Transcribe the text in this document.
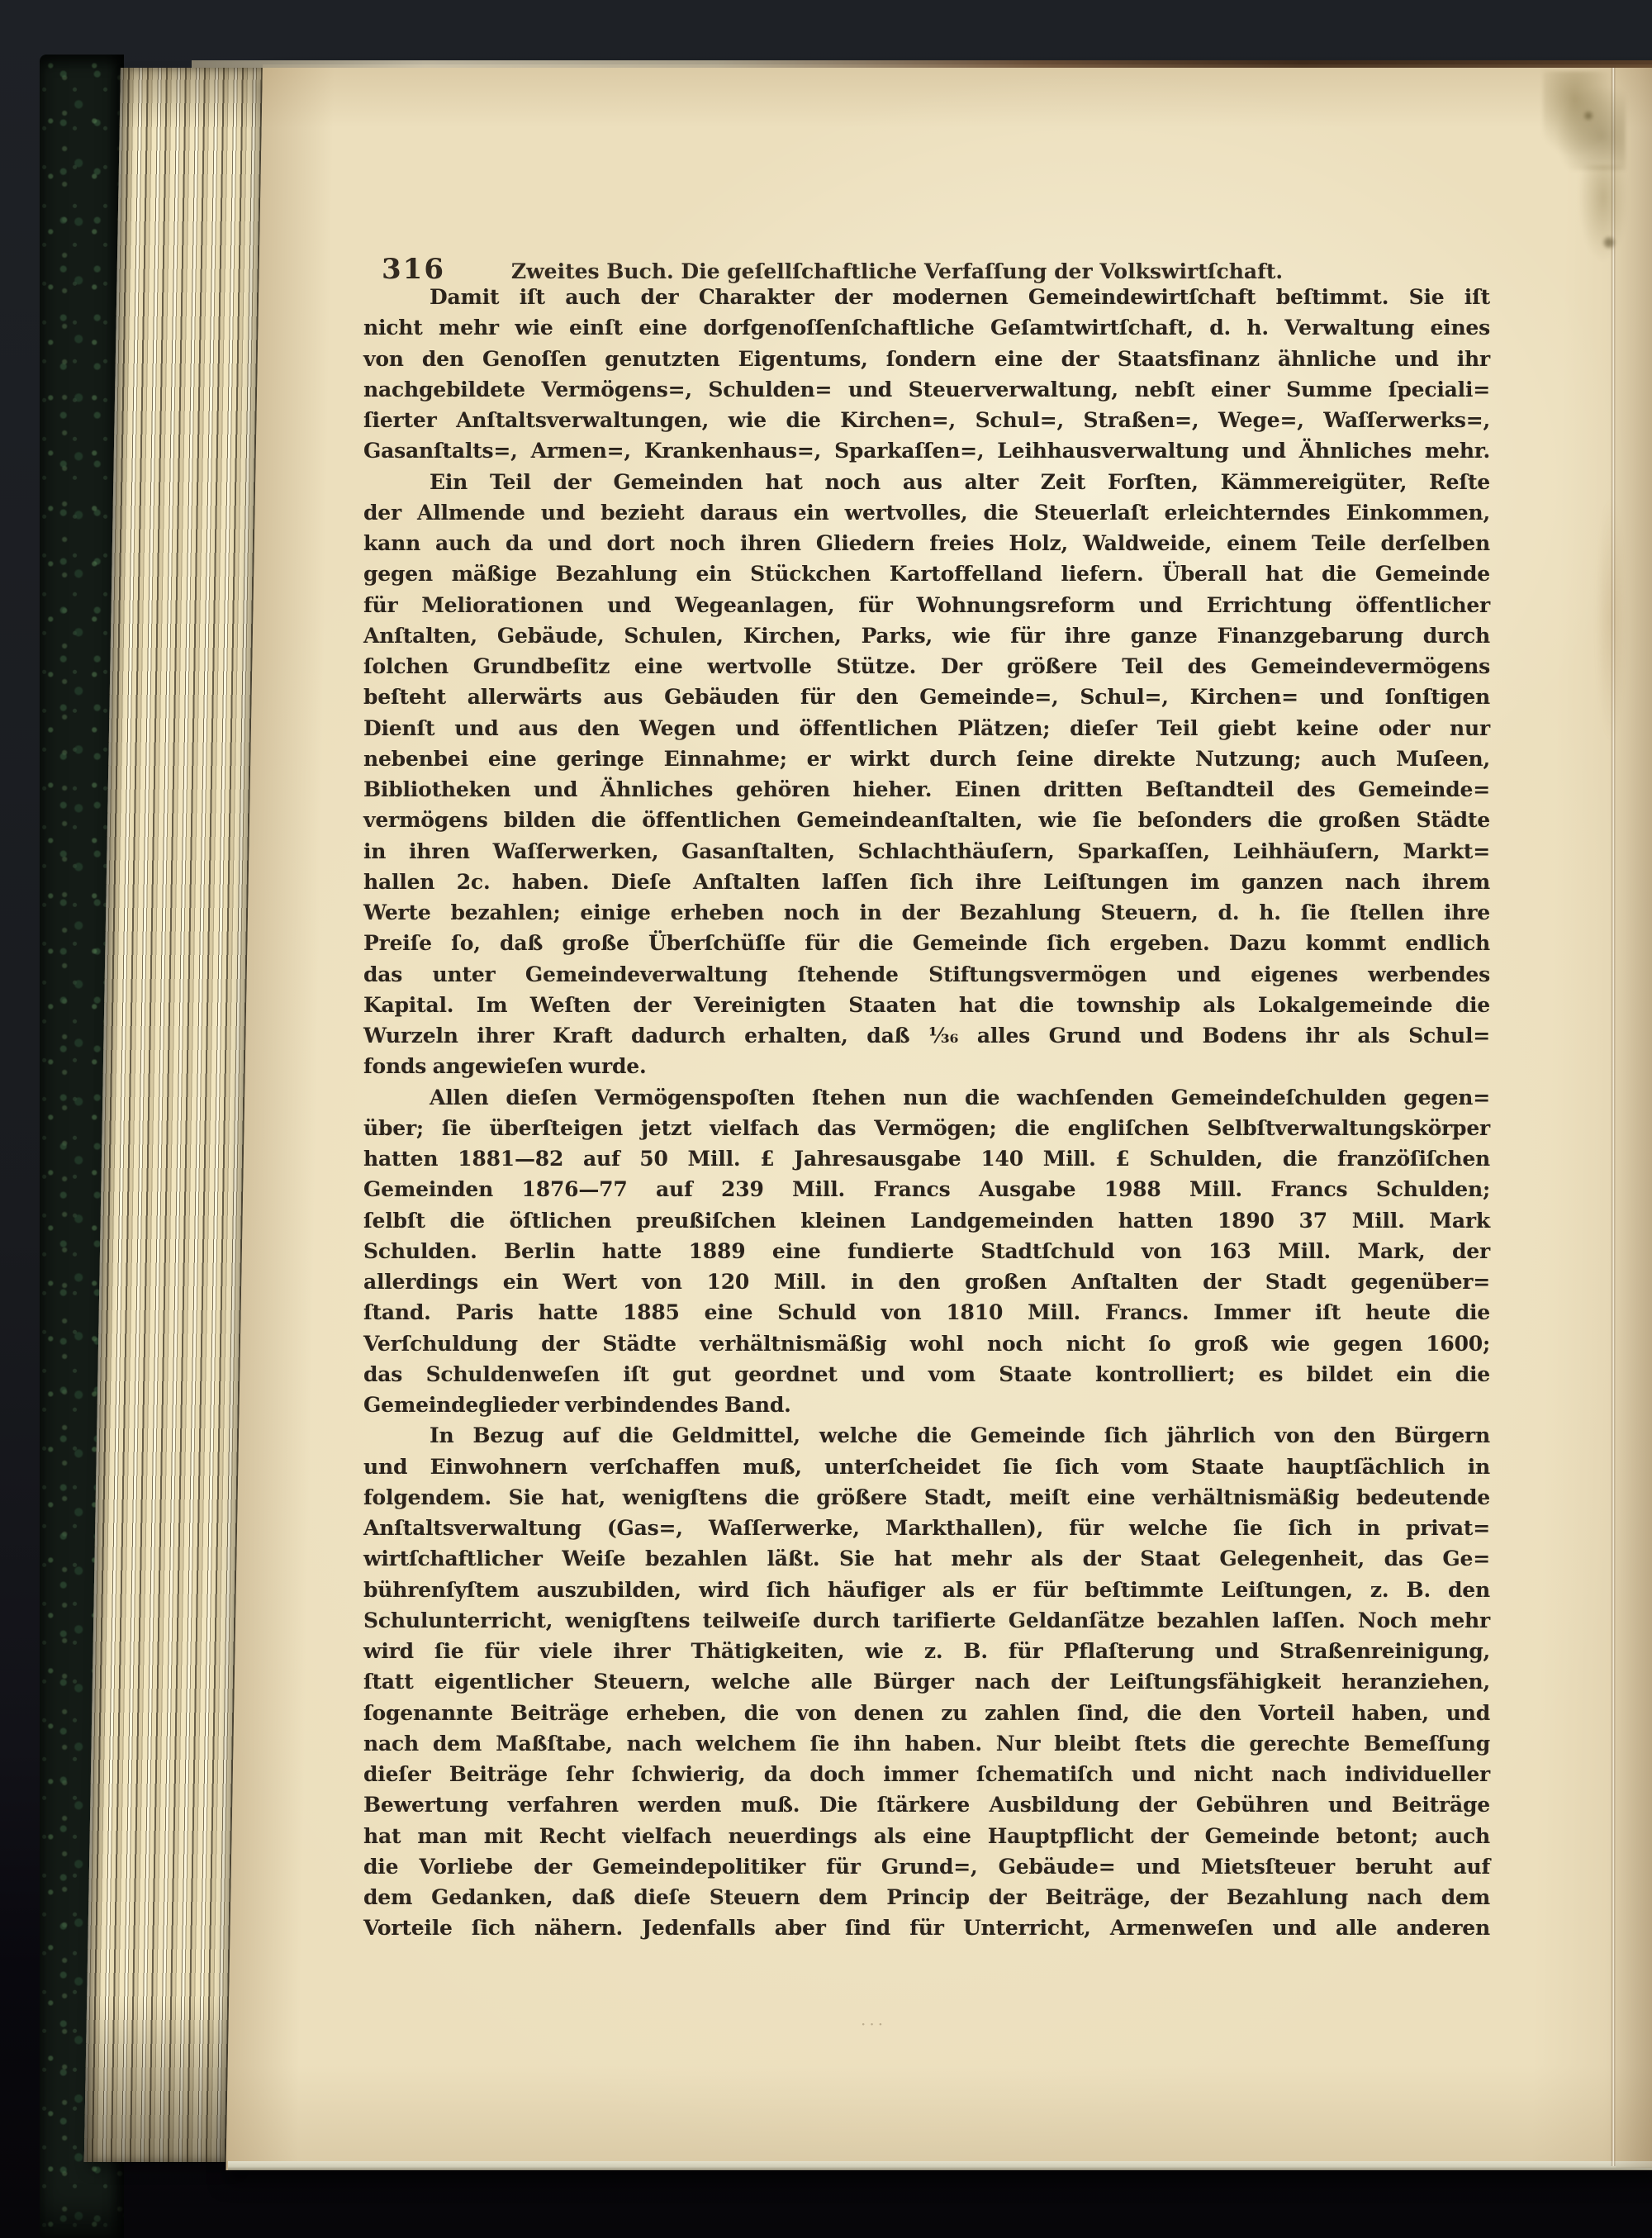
316	Zweites Buch. Die geſellſchaftliche Verfaſſung der Volkswirtſchaft.
Damit iſt auch der Charakter der modernen Gemeindewirtſchaft beſtimmt. Sie iſt
nicht mehr wie einſt eine dorfgenoſſenſchaftliche Geſamtwirtſchaft, d. h. Verwaltung eines
von den Genoſſen genutzten Eigentums, ſondern eine der Staatsfinanz ähnliche und ihr
nachgebildete Vermögens=, Schulden= und Steuerverwaltung, nebſt einer Summe ſpeciali=
ſierter Anſtaltsverwaltungen, wie die Kirchen=, Schul=, Straßen=, Wege=, Waſſerwerks=,
Gasanſtalts=, Armen=, Krankenhaus=, Sparkaſſen=, Leihhausverwaltung und Ähnliches mehr.
Ein Teil der Gemeinden hat noch aus alter Zeit Forſten, Kämmereigüter, Reſte
der Allmende und bezieht daraus ein wertvolles, die Steuerlaſt erleichterndes Einkommen,
kann auch da und dort noch ihren Gliedern freies Holz, Waldweide, einem Teile derſelben
gegen mäßige Bezahlung ein Stückchen Kartoffelland liefern. Überall hat die Gemeinde
für Meliorationen und Wegeanlagen, für Wohnungsreform und Errichtung öffentlicher
Anſtalten, Gebäude, Schulen, Kirchen, Parks, wie für ihre ganze Finanzgebarung durch
ſolchen Grundbeſitz eine wertvolle Stütze. Der größere Teil des Gemeindevermögens
beſteht allerwärts aus Gebäuden für den Gemeinde=, Schul=, Kirchen= und ſonſtigen
Dienſt und aus den Wegen und öffentlichen Plätzen; dieſer Teil giebt keine oder nur
nebenbei eine geringe Einnahme; er wirkt durch ſeine direkte Nutzung; auch Muſeen,
Bibliotheken und Ähnliches gehören hieher. Einen dritten Beſtandteil des Gemeinde=
vermögens bilden die öffentlichen Gemeindeanſtalten, wie ſie beſonders die großen Städte
in ihren Waſſerwerken, Gasanſtalten, Schlachthäuſern, Sparkaſſen, Leihhäuſern, Markt=
hallen 2c. haben. Dieſe Anſtalten laſſen ſich ihre Leiſtungen im ganzen nach ihrem
Werte bezahlen; einige erheben noch in der Bezahlung Steuern, d. h. ſie ſtellen ihre
Preiſe ſo, daß große Überſchüſſe für die Gemeinde ſich ergeben. Dazu kommt endlich
das unter Gemeindeverwaltung ſtehende Stiftungsvermögen und eigenes werbendes
Kapital. Im Weſten der Vereinigten Staaten hat die township als Lokalgemeinde die
Wurzeln ihrer Kraft dadurch erhalten, daß ¹⁄₃₆ alles Grund und Bodens ihr als Schul=
fonds angewieſen wurde.
Allen dieſen Vermögenspoſten ſtehen nun die wachſenden Gemeindeſchulden gegen=
über; ſie überſteigen jetzt vielfach das Vermögen; die engliſchen Selbſtverwaltungskörper
hatten 1881—82 auf 50 Mill. £ Jahresausgabe 140 Mill. £ Schulden, die franzöſiſchen
Gemeinden 1876—77 auf 239 Mill. Francs Ausgabe 1988 Mill. Francs Schulden;
ſelbſt die öſtlichen preußiſchen kleinen Landgemeinden hatten 1890 37 Mill. Mark
Schulden. Berlin hatte 1889 eine fundierte Stadtſchuld von 163 Mill. Mark, der
allerdings ein Wert von 120 Mill. in den großen Anſtalten der Stadt gegenüber=
ſtand. Paris hatte 1885 eine Schuld von 1810 Mill. Francs. Immer iſt heute die
Verſchuldung der Städte verhältnismäßig wohl noch nicht ſo groß wie gegen 1600;
das Schuldenweſen iſt gut geordnet und vom Staate kontrolliert; es bildet ein die
Gemeindeglieder verbindendes Band.
In Bezug auf die Geldmittel, welche die Gemeinde ſich jährlich von den Bürgern
und Einwohnern verſchaffen muß, unterſcheidet ſie ſich vom Staate hauptſächlich in
folgendem. Sie hat, wenigſtens die größere Stadt, meiſt eine verhältnismäßig bedeutende
Anſtaltsverwaltung (Gas=, Waſſerwerke, Markthallen), für welche ſie ſich in privat=
wirtſchaftlicher Weiſe bezahlen läßt. Sie hat mehr als der Staat Gelegenheit, das Ge=
bührenſyſtem auszubilden, wird ſich häufiger als er für beſtimmte Leiſtungen, z. B. den
Schulunterricht, wenigſtens teilweiſe durch tarifierte Geldanſätze bezahlen laſſen. Noch mehr
wird ſie für viele ihrer Thätigkeiten, wie z. B. für Pflaſterung und Straßenreinigung,
ſtatt eigentlicher Steuern, welche alle Bürger nach der Leiſtungsfähigkeit heranziehen,
ſogenannte Beiträge erheben, die von denen zu zahlen ſind, die den Vorteil haben, und
nach dem Maßſtabe, nach welchem ſie ihn haben. Nur bleibt ſtets die gerechte Bemeſſung
dieſer Beiträge ſehr ſchwierig, da doch immer ſchematiſch und nicht nach individueller
Bewertung verfahren werden muß. Die ſtärkere Ausbildung der Gebühren und Beiträge
hat man mit Recht vielfach neuerdings als eine Hauptpflicht der Gemeinde betont; auch
die Vorliebe der Gemeindepolitiker für Grund=, Gebäude= und Mietsſteuer beruht auf
dem Gedanken, daß dieſe Steuern dem Princip der Beiträge, der Bezahlung nach dem
Vorteile ſich nähern. Jedenfalls aber ſind für Unterricht, Armenweſen und alle anderen
···
